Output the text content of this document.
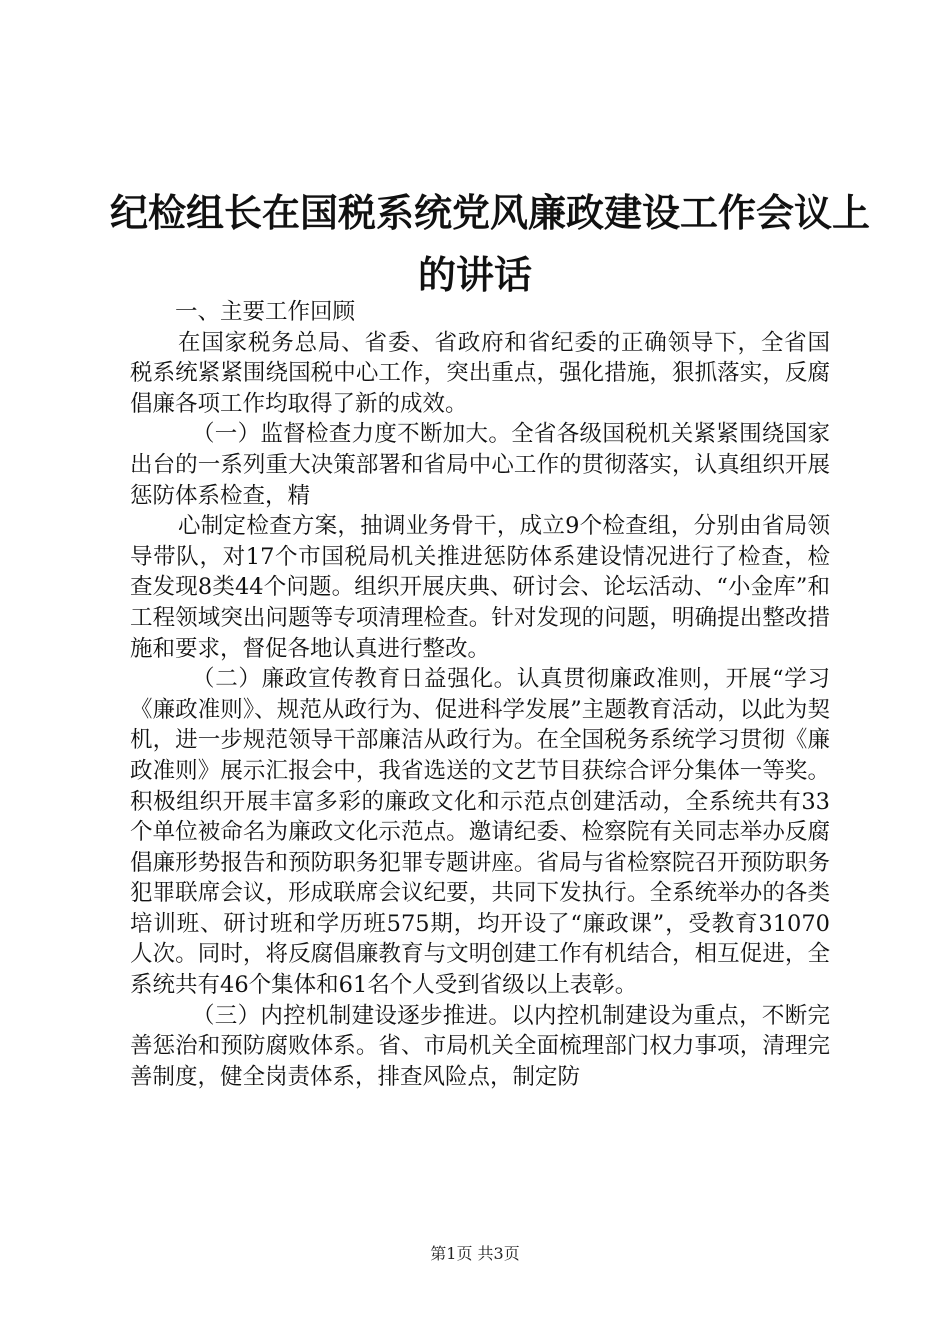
纪检组长在国税系统党风廉政建设工作会议上
的讲话

一、主要工作回顾

在国家税务总局、省委、省政府和省纪委的正确领导下，全省国税系统紧紧围绕国税中心工作，突出重点，强化措施，狠抓落实，反腐倡廉各项工作均取得了新的成效。

（一）监督检查力度不断加大。全省各级国税机关紧紧围绕国家出台的一系列重大决策部署和省局中心工作的贯彻落实，认真组织开展惩防体系检查，精

心制定检查方案，抽调业务骨干，成立9个检查组，分别由省局领导带队，对17个市国税局机关推进惩防体系建设情况进行了检查，检查发现8类44个问题。组织开展庆典、研讨会、论坛活动、“小金库”和工程领域突出问题等专项清理检查。针对发现的问题，明确提出整改措施和要求，督促各地认真进行整改。

（二）廉政宣传教育日益强化。认真贯彻廉政准则，开展“学习《廉政准则》、规范从政行为、促进科学发展”主题教育活动，以此为契机，进一步规范领导干部廉洁从政行为。在全国税务系统学习贯彻《廉政准则》展示汇报会中，我省选送的文艺节目获综合评分集体一等奖。积极组织开展丰富多彩的廉政文化和示范点创建活动，全系统共有33个单位被命名为廉政文化示范点。邀请纪委、检察院有关同志举办反腐倡廉形势报告和预防职务犯罪专题讲座。省局与省检察院召开预防职务犯罪联席会议，形成联席会议纪要，共同下发执行。全系统举办的各类培训班、研讨班和学历班575期，均开设了“廉政课”，受教育31070人次。同时，将反腐倡廉教育与文明创建工作有机结合，相互促进，全系统共有46个集体和61名个人受到省级以上表彰。

（三）内控机制建设逐步推进。以内控机制建设为重点，不断完善惩治和预防腐败体系。省、市局机关全面梳理部门权力事项，清理完善制度，健全岗责体系，排查风险点，制定防

第1页 共3页
